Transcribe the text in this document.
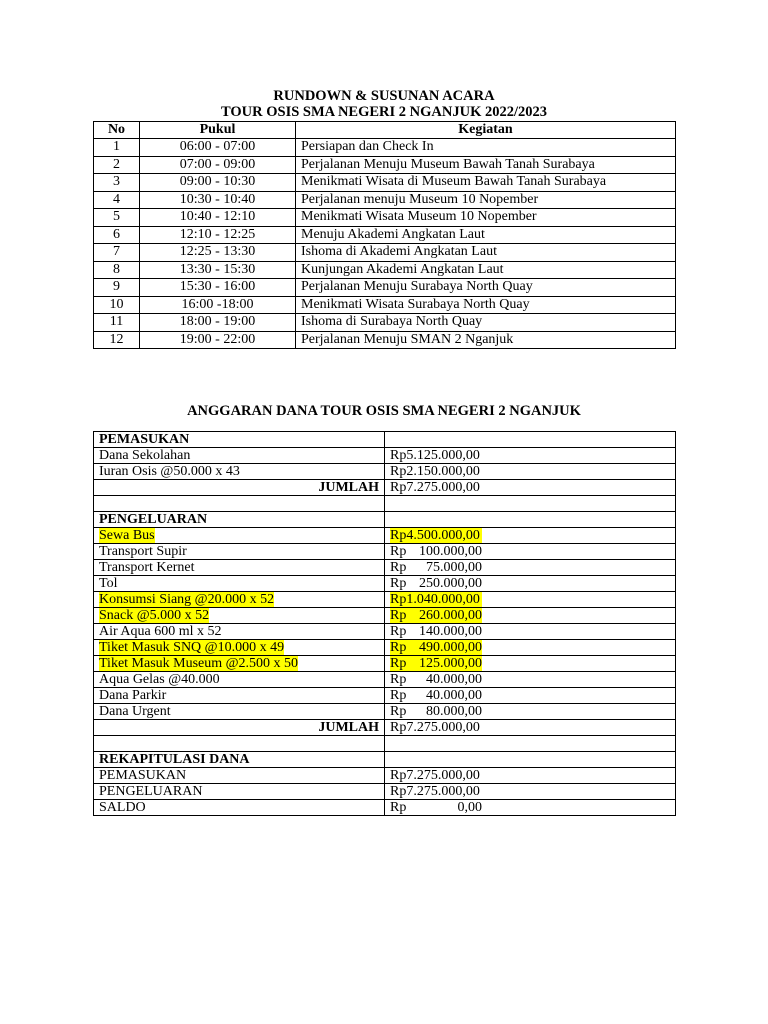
RUNDOWN & SUSUNAN ACARA
TOUR OSIS SMA NEGERI 2 NGANJUK 2022/2023
No	Pukul	Kegiatan
1	06:00 - 07:00	Persiapan dan Check In
2	07:00 - 09:00	Perjalanan Menuju Museum Bawah Tanah Surabaya
3	09:00 - 10:30	Menikmati Wisata di Museum Bawah Tanah Surabaya
4	10:30 - 10:40	Perjalanan menuju Museum 10 Nopember
5	10:40 - 12:10	Menikmati Wisata Museum 10 Nopember
6	12:10 - 12:25	Menuju Akademi Angkatan Laut
7	12:25 - 13:30	Ishoma di Akademi Angkatan Laut
8	13:30 - 15:30	Kunjungan Akademi Angkatan Laut
9	15:30 - 16:00	Perjalanan Menuju Surabaya North Quay
10	16:00 -18:00	Menikmati Wisata Surabaya North Quay
11	18:00 - 19:00	Ishoma di Surabaya North Quay
12	19:00 - 22:00	Perjalanan Menuju SMAN 2 Nganjuk
ANGGARAN DANA TOUR OSIS SMA NEGERI 2 NGANJUK
PEMASUKAN	
Dana Sekolahan	Rp5.125.000,00
Iuran Osis @50.000 x 43	Rp2.150.000,00
JUMLAH	Rp7.275.000,00

PENGELUARAN	
Sewa Bus	Rp4.500.000,00
Transport Supir	Rp 100.000,00
Transport Kernet	Rp 75.000,00
Tol	Rp 250.000,00
Konsumsi Siang @20.000 x 52	Rp1.040.000,00
Snack @5.000 x 52	Rp 260.000,00
Air Aqua 600 ml x 52	Rp 140.000,00
Tiket Masuk SNQ @10.000 x 49	Rp 490.000,00
Tiket Masuk Museum @2.500 x 50	Rp 125.000,00
Aqua Gelas @40.000	Rp 40.000,00
Dana Parkir	Rp 40.000,00
Dana Urgent	Rp 80.000,00
JUMLAH	Rp7.275.000,00

REKAPITULASI DANA	
PEMASUKAN	Rp7.275.000,00
PENGELUARAN	Rp7.275.000,00
SALDO	Rp 0,00
